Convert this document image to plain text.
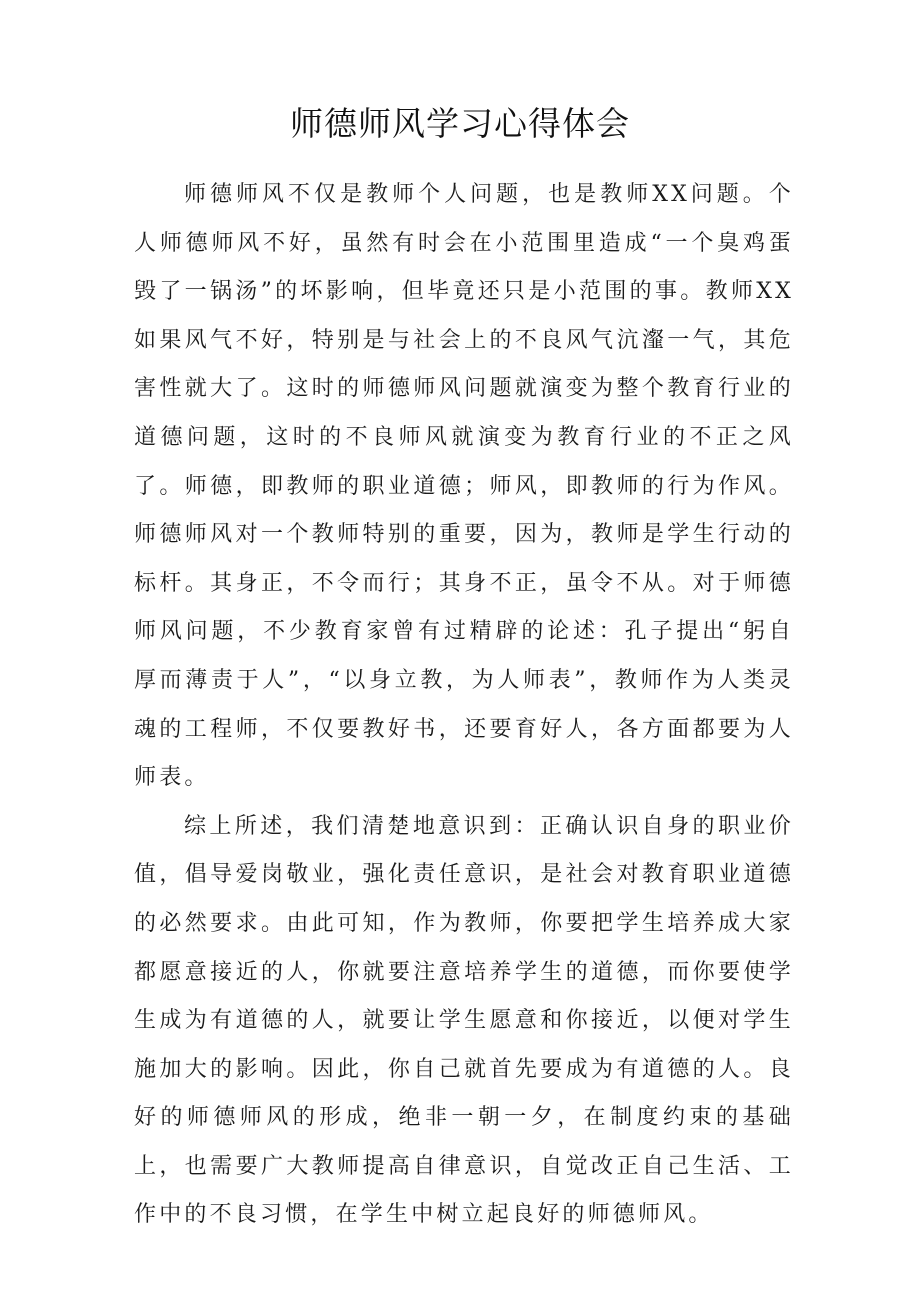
师德师风学习心得体会

师德师风不仅是教师个人问题，也是教师XX问题。个人师德师风不好，虽然有时会在小范围里造成“一个臭鸡蛋毁了一锅汤”的坏影响，但毕竟还只是小范围的事。教师XX如果风气不好，特别是与社会上的不良风气沆瀣一气，其危害性就大了。这时的师德师风问题就演变为整个教育行业的道德问题，这时的不良师风就演变为教育行业的不正之风了。师德，即教师的职业道德；师风，即教师的行为作风。师德师风对一个教师特别的重要，因为，教师是学生行动的标杆。其身正，不令而行；其身不正，虽令不从。对于师德师风问题，不少教育家曾有过精辟的论述：孔子提出“躬自厚而薄责于人”，“以身立教，为人师表”，教师作为人类灵魂的工程师，不仅要教好书，还要育好人，各方面都要为人师表。

综上所述，我们清楚地意识到：正确认识自身的职业价值，倡导爱岗敬业，强化责任意识，是社会对教育职业道德的必然要求。由此可知，作为教师，你要把学生培养成大家都愿意接近的人，你就要注意培养学生的道德，而你要使学生成为有道德的人，就要让学生愿意和你接近，以便对学生施加大的影响。因此，你自己就首先要成为有道德的人。良好的师德师风的形成，绝非一朝一夕，在制度约束的基础上，也需要广大教师提高自律意识，自觉改正自己生活、工作中的不良习惯，在学生中树立起良好的师德师风。
